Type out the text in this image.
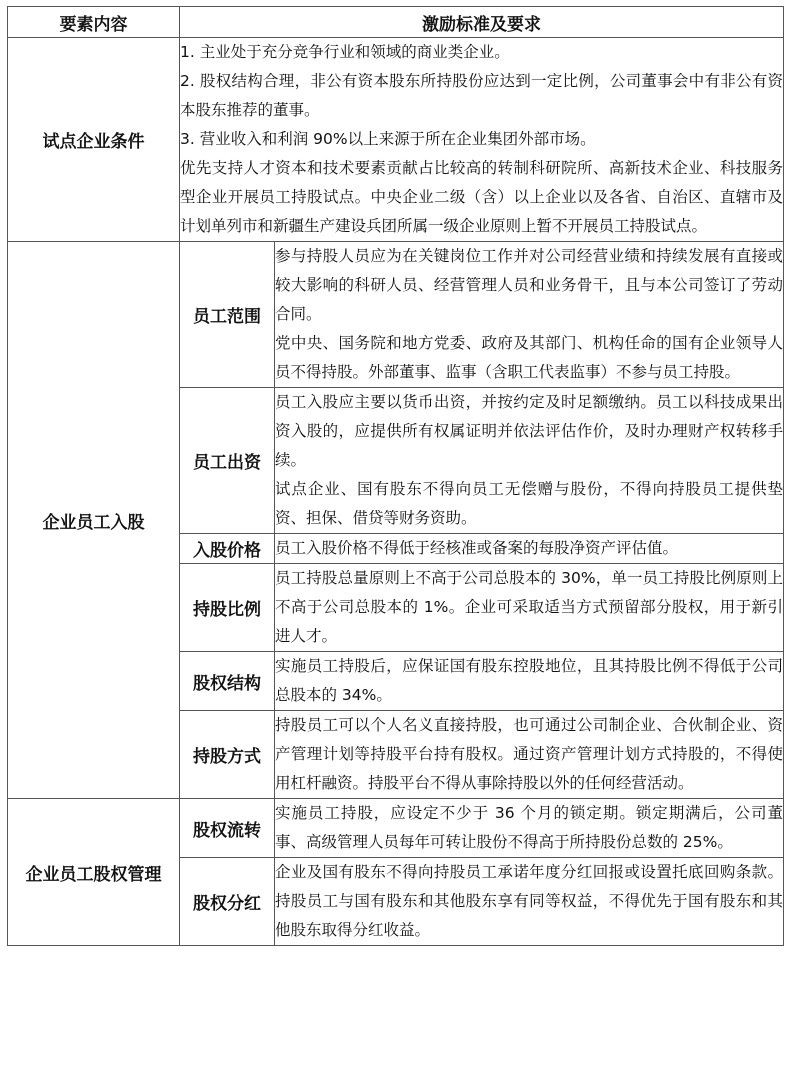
要素内容	激励标准及要求	
试点企业条件	1. 主业处于充分竞争行业和领域的商业类企业。
2. 股权结构合理，非公有资本股东所持股份应达到一定比例，公司董事会中有非公有资本股东推荐的董事。
3. 营业收入和利润 90%以上来源于所在企业集团外部市场。
优先支持人才资本和技术要素贡献占比较高的转制科研院所、高新技术企业、科技服务型企业开展员工持股试点。中央企业二级（含）以上企业以及各省、自治区、直辖市及计划单列市和新疆生产建设兵团所属一级企业原则上暂不开展员工持股试点。	

企业员工入股	员工范围	参与持股人员应为在关键岗位工作并对公司经营业绩和持续发展有直接或较大影响的科研人员、经营管理人员和业务骨干，且与本公司签订了劳动合同。
党中央、国务院和地方党委、政府及其部门、机构任命的国有企业领导人员不得持股。外部董事、监事（含职工代表监事）不参与员工持股。

	员工出资	员工入股应主要以货币出资，并按约定及时足额缴纳。员工以科技成果出资入股的，应提供所有权属证明并依法评估作价，及时办理财产权转移手续。
试点企业、国有股东不得向员工无偿赠与股份，不得向持股员工提供垫资、担保、借贷等财务资助。

	入股价格	员工入股价格不得低于经核准或备案的每股净资产评估值。

	持股比例	员工持股总量原则上不高于公司总股本的 30%，单一员工持股比例原则上不高于公司总股本的 1%。企业可采取适当方式预留部分股权，用于新引进人才。

	股权结构	实施员工持股后，应保证国有股东控股地位，且其持股比例不得低于公司总股本的 34%。

	持股方式	持股员工可以个人名义直接持股，也可通过公司制企业、合伙制企业、资产管理计划等持股平台持有股权。通过资产管理计划方式持股的，不得使用杠杆融资。持股平台不得从事除持股以外的任何经营活动。

企业员工股权管理	股权流转	实施员工持股，应设定不少于 36 个月的锁定期。锁定期满后，公司董事、高级管理人员每年可转让股份不得高于所持股份总数的 25%。

	股权分红	企业及国有股东不得向持股员工承诺年度分红回报或设置托底回购条款。持股员工与国有股东和其他股东享有同等权益，不得优先于国有股东和其他股东取得分红收益。
